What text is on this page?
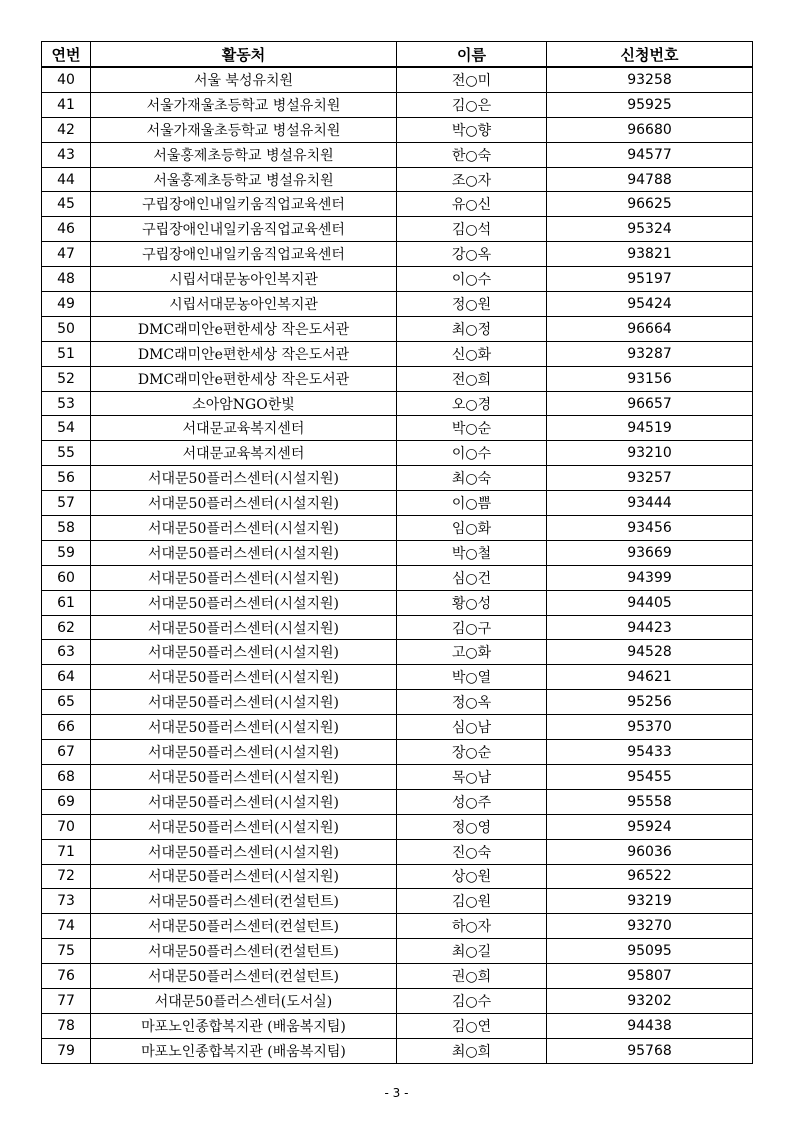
연번	활동처	이름	신청번호
40	서울 북성유치원	전○미	93258
41	서울가재울초등학교 병설유치원	김○은	95925
42	서울가재울초등학교 병설유치원	박○향	96680
43	서울홍제초등학교 병설유치원	한○숙	94577
44	서울홍제초등학교 병설유치원	조○자	94788
45	구립장애인내일키움직업교육센터	유○신	96625
46	구립장애인내일키움직업교육센터	김○석	95324
47	구립장애인내일키움직업교육센터	강○옥	93821
48	시립서대문농아인복지관	이○수	95197
49	시립서대문농아인복지관	정○원	95424
50	DMC래미안e편한세상 작은도서관	최○정	96664
51	DMC래미안e편한세상 작은도서관	신○화	93287
52	DMC래미안e편한세상 작은도서관	전○희	93156
53	소아암NGO한빛	오○경	96657
54	서대문교육복지센터	박○순	94519
55	서대문교육복지센터	이○수	93210
56	서대문50플러스센터(시설지원)	최○숙	93257
57	서대문50플러스센터(시설지원)	이○쁨	93444
58	서대문50플러스센터(시설지원)	임○화	93456
59	서대문50플러스센터(시설지원)	박○철	93669
60	서대문50플러스센터(시설지원)	심○건	94399
61	서대문50플러스센터(시설지원)	황○성	94405
62	서대문50플러스센터(시설지원)	김○구	94423
63	서대문50플러스센터(시설지원)	고○화	94528
64	서대문50플러스센터(시설지원)	박○열	94621
65	서대문50플러스센터(시설지원)	정○옥	95256
66	서대문50플러스센터(시설지원)	심○남	95370
67	서대문50플러스센터(시설지원)	장○순	95433
68	서대문50플러스센터(시설지원)	목○남	95455
69	서대문50플러스센터(시설지원)	성○주	95558
70	서대문50플러스센터(시설지원)	정○영	95924
71	서대문50플러스센터(시설지원)	진○숙	96036
72	서대문50플러스센터(시설지원)	상○원	96522
73	서대문50플러스센터(컨설턴트)	김○원	93219
74	서대문50플러스센터(컨설턴트)	하○자	93270
75	서대문50플러스센터(컨설턴트)	최○길	95095
76	서대문50플러스센터(컨설턴트)	권○희	95807
77	서대문50플러스센터(도서실)	김○수	93202
78	마포노인종합복지관 (배움복지팀)	김○연	94438
79	마포노인종합복지관 (배움복지팀)	최○희	95768
- 3 -
